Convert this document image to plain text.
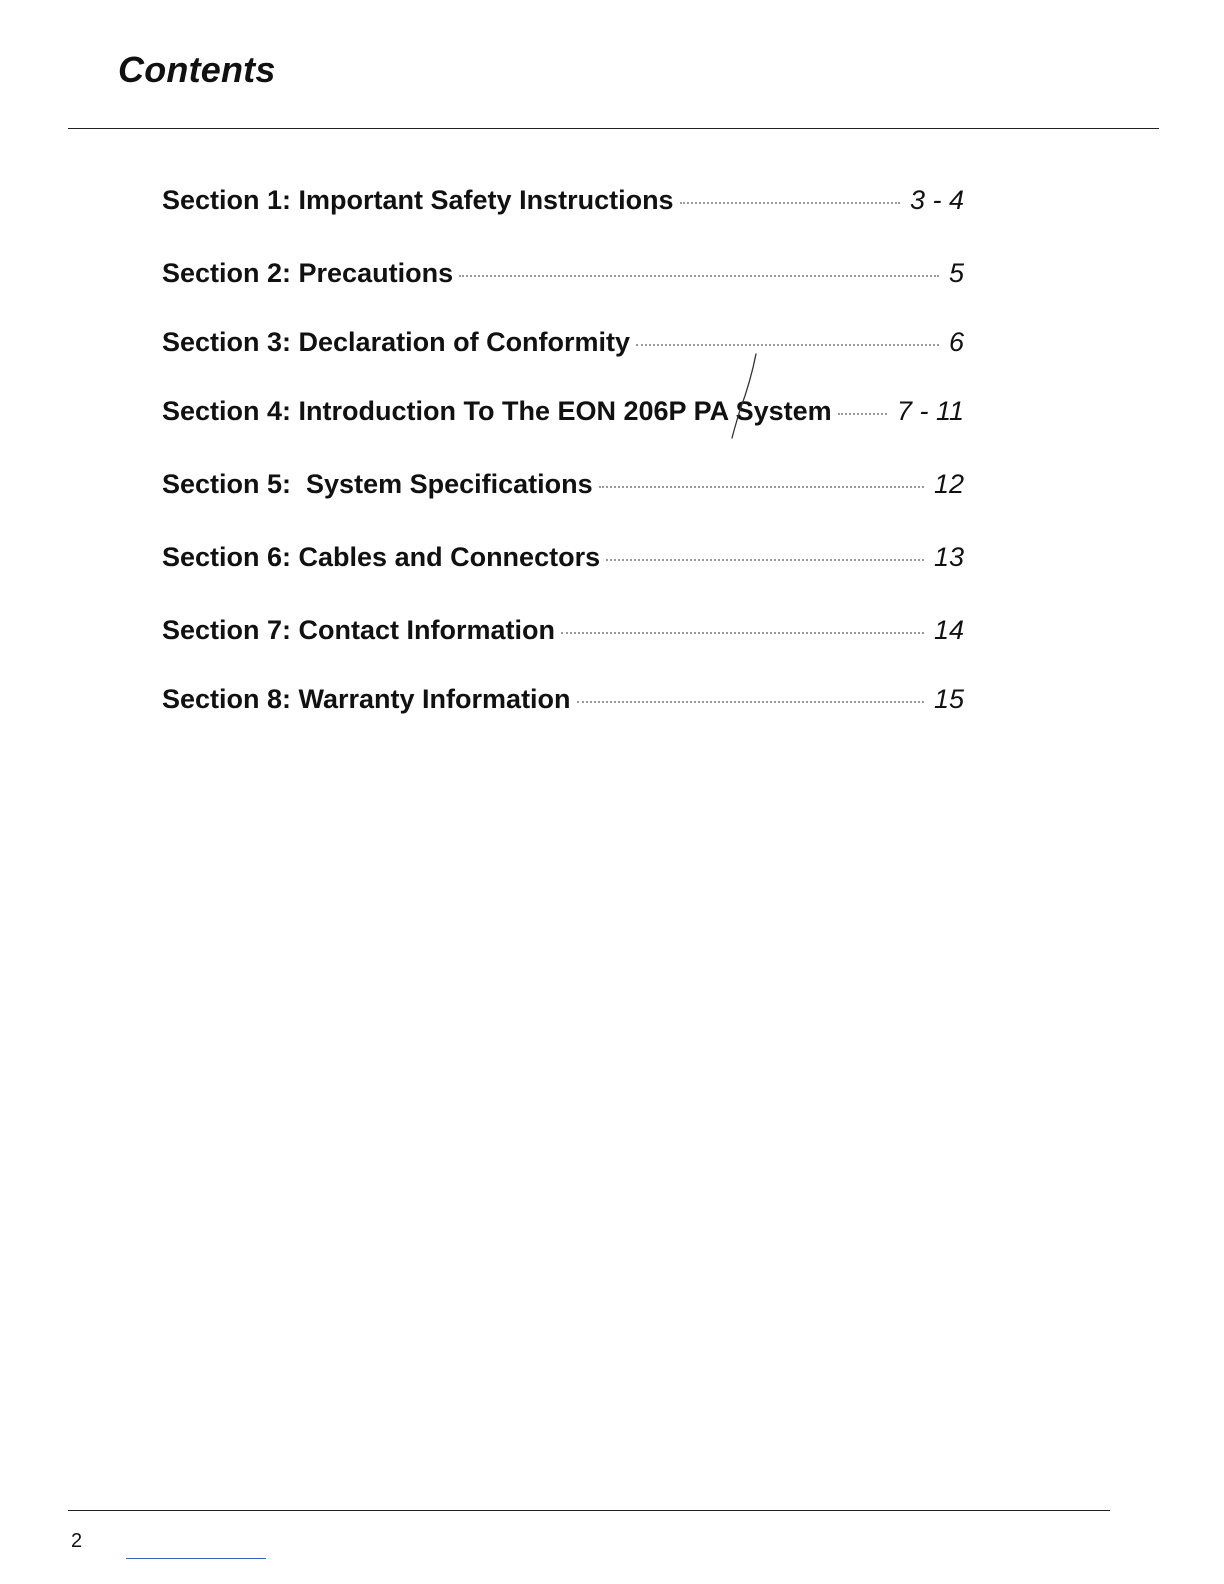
Contents
Section 1: Important Safety Instructions	3 - 4
Section 2: Precautions	5
Section 3: Declaration of Conformity	6
Section 4: Introduction To The EON 206P PA System 7 - 11
Section 5:  System Specifications	12
Section 6: Cables and Connectors	13
Section 7: Contact Information	14
Section 8: Warranty Information	15
2
